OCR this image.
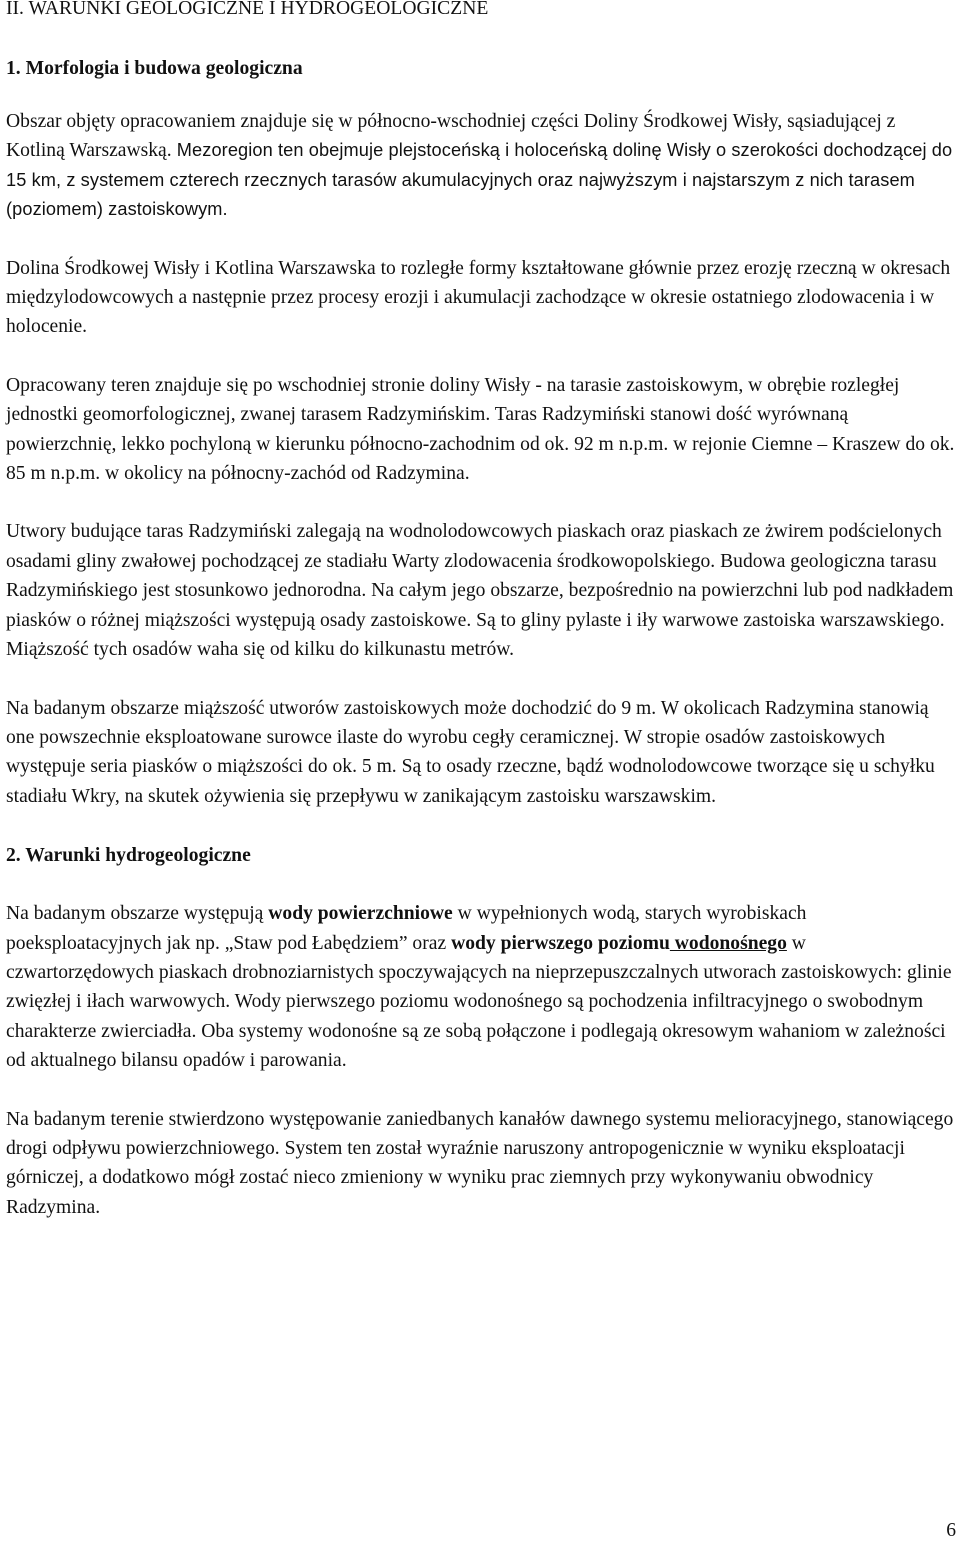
II. WARUNKI GEOLOGICZNE I HYDROGEOLOGICZNE
1. Morfologia i budowa geologiczna

Obszar objęty opracowaniem znajduje się w północno-wschodniej części Doliny Środkowej Wisły, sąsiadującej z Kotliną Warszawską. Mezoregion ten obejmuje plejstoceńską i holoceńską dolinę Wisły o szerokości dochodzącej do 15 km, z systemem czterech rzecznych tarasów akumulacyjnych oraz najwyższym i najstarszym z nich tarasem (poziomem) zastoiskowym.

Dolina Środkowej Wisły i Kotlina Warszawska to rozległe formy kształtowane głównie przez erozję rzeczną w okresach międzylodowcowych a następnie przez procesy erozji i akumulacji zachodzące w okresie ostatniego zlodowacenia i w holocenie.

Opracowany teren znajduje się po wschodniej stronie doliny Wisły - na tarasie zastoiskowym, w obrębie rozległej jednostki geomorfologicznej, zwanej tarasem Radzymińskim. Taras Radzymiński stanowi dość wyrównaną powierzchnię, lekko pochyloną w kierunku północno-zachodnim od ok. 92 m n.p.m. w rejonie Ciemne – Kraszew do ok. 85 m n.p.m. w okolicy na północny-zachód od Radzymina.

Utwory budujące taras Radzymiński zalegają na wodnolodowcowych piaskach oraz piaskach ze żwirem podścielonych osadami gliny zwałowej pochodzącej ze stadiału Warty zlodowacenia środkowopolskiego. Budowa geologiczna tarasu Radzymińskiego jest stosunkowo jednorodna. Na całym jego obszarze, bezpośrednio na powierzchni lub pod nadkładem piasków o różnej miąższości występują osady zastoiskowe. Są to gliny pylaste i iły warwowe zastoiska warszawskiego. Miąższość tych osadów waha się od kilku do kilkunastu metrów.

Na badanym obszarze miąższość utworów zastoiskowych może dochodzić do 9 m. W okolicach Radzymina stanowią one powszechnie eksploatowane surowce ilaste do wyrobu cegły ceramicznej. W stropie osadów zastoiskowych występuje seria piasków o miąższości do ok. 5 m. Są to osady rzeczne, bądź wodnolodowcowe tworzące się u schyłku stadiału Wkry, na skutek ożywienia się przepływu w zanikającym zastoisku warszawskim.

2. Warunki hydrogeologiczne

Na badanym obszarze występują wody powierzchniowe w wypełnionych wodą, starych wyrobiskach poeksploatacyjnych jak np. „Staw pod Łabędziem” oraz wody pierwszego poziomu wodonośnego w czwartorzędowych piaskach drobnoziarnistych spoczywających na nieprzepuszczalnych utworach zastoiskowych: glinie zwięzłej i iłach warwowych. Wody pierwszego poziomu wodonośnego są pochodzenia infiltracyjnego o swobodnym charakterze zwierciadła. Oba systemy wodonośne są ze sobą połączone i podlegają okresowym wahaniom w zależności od aktualnego bilansu opadów i parowania.

Na badanym terenie stwierdzono występowanie zaniedbanych kanałów dawnego systemu melioracyjnego, stanowiącego drogi odpływu powierzchniowego. System ten został wyraźnie naruszony antropogenicznie w wyniku eksploatacji górniczej, a dodatkowo mógł zostać nieco zmieniony w wyniku prac ziemnych przy wykonywaniu obwodnicy Radzymina.

6
